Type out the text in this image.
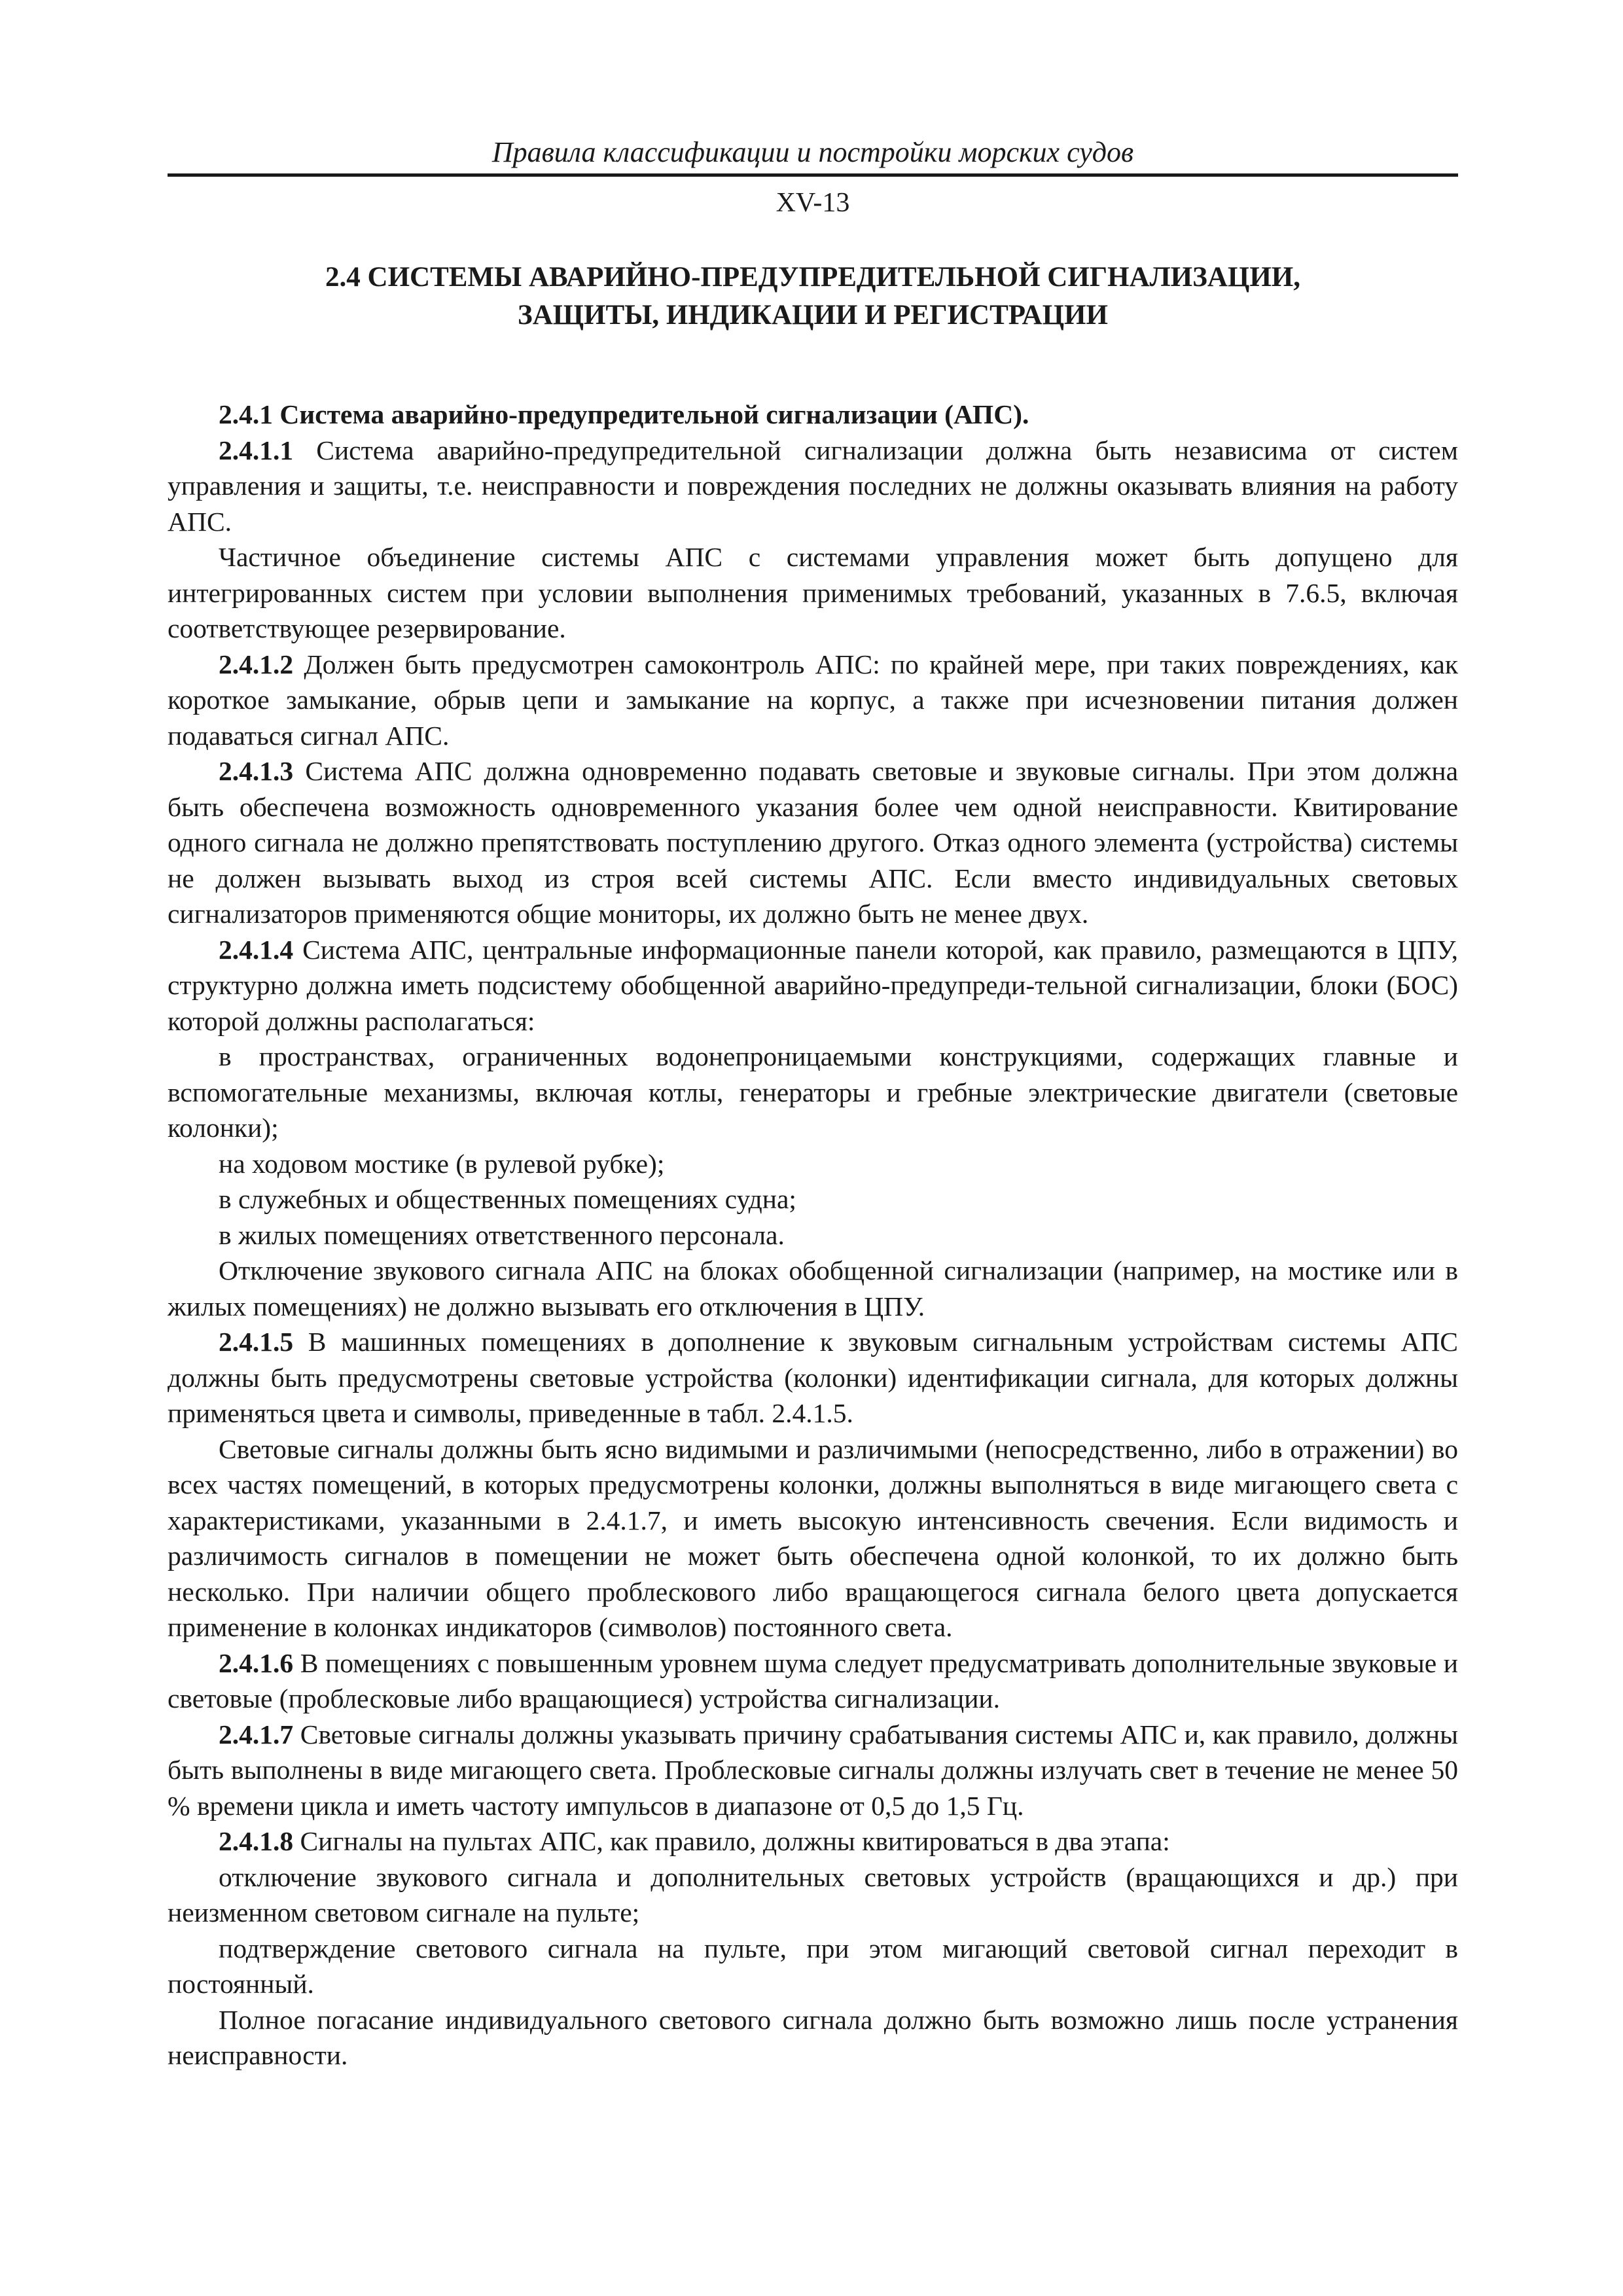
Правила классификации и постройки морских судов
XV-13
2.4 СИСТЕМЫ АВАРИЙНО-ПРЕДУПРЕДИТЕЛЬНОЙ СИГНАЛИЗАЦИИ,
ЗАЩИТЫ, ИНДИКАЦИИ И РЕГИСТРАЦИИ

2.4.1 Система аварийно-предупредительной сигнализации (АПС).

2.4.1.1 Система аварийно-предупредительной сигнализации должна быть независима от систем управления и защиты, т.е. неисправности и повреждения последних не должны оказывать влияния на работу АПС.

Частичное объединение системы АПС с системами управления может быть допущено для интегрированных систем при условии выполнения применимых требований, указанных в 7.6.5, включая соответствующее резервирование.

2.4.1.2 Должен быть предусмотрен самоконтроль АПС: по крайней мере, при таких повреждениях, как короткое замыкание, обрыв цепи и замыкание на корпус, а также при исчезновении питания должен подаваться сигнал АПС.

2.4.1.3 Система АПС должна одновременно подавать световые и звуковые сигналы. При этом должна быть обеспечена возможность одновременного указания более чем одной неисправности. Квитирование одного сигнала не должно препятствовать поступлению другого. Отказ одного элемента (устройства) системы не должен вызывать выход из строя всей системы АПС. Если вместо индивидуальных световых сигнализаторов применяются общие мониторы, их должно быть не менее двух.

2.4.1.4 Система АПС, центральные информационные панели которой, как правило, размещаются в ЦПУ, структурно должна иметь подсистему обобщенной аварийно-предупреди-тельной сигнализации, блоки (БОС) которой должны располагаться:

в пространствах, ограниченных водонепроницаемыми конструкциями, содержащих главные и вспомогательные механизмы, включая котлы, генераторы и гребные электрические двигатели (световые колонки);

на ходовом мостике (в рулевой рубке);

в служебных и общественных помещениях судна;

в жилых помещениях ответственного персонала.

Отключение звукового сигнала АПС на блоках обобщенной сигнализации (например, на мостике или в жилых помещениях) не должно вызывать его отключения в ЦПУ.

2.4.1.5 В машинных помещениях в дополнение к звуковым сигнальным устройствам системы АПС должны быть предусмотрены световые устройства (колонки) идентификации сигнала, для которых должны применяться цвета и символы, приведенные в табл. 2.4.1.5.

Световые сигналы должны быть ясно видимыми и различимыми (непосредственно, либо в отражении) во всех частях помещений, в которых предусмотрены колонки, должны выполняться в виде мигающего света с характеристиками, указанными в 2.4.1.7, и иметь высокую интенсивность свечения. Если видимость и различимость сигналов в помещении не может быть обеспечена одной колонкой, то их должно быть несколько. При наличии общего проблескового либо вращающегося сигнала белого цвета допускается применение в колонках индикаторов (символов) постоянного света.

2.4.1.6 В помещениях с повышенным уровнем шума следует предусматривать дополнительные звуковые и световые (проблесковые либо вращающиеся) устройства сигнализации.

2.4.1.7 Световые сигналы должны указывать причину срабатывания системы АПС и, как правило, должны быть выполнены в виде мигающего света. Проблесковые сигналы должны излучать свет в течение не менее 50 % времени цикла и иметь частоту импульсов в диапазоне от 0,5 до 1,5 Гц.

2.4.1.8 Сигналы на пультах АПС, как правило, должны квитироваться в два этапа:

отключение звукового сигнала и дополнительных световых устройств (вращающихся и др.) при неизменном световом сигнале на пульте;

подтверждение светового сигнала на пульте, при этом мигающий световой сигнал переходит в постоянный.

Полное погасание индивидуального светового сигнала должно быть возможно лишь после устранения неисправности.
